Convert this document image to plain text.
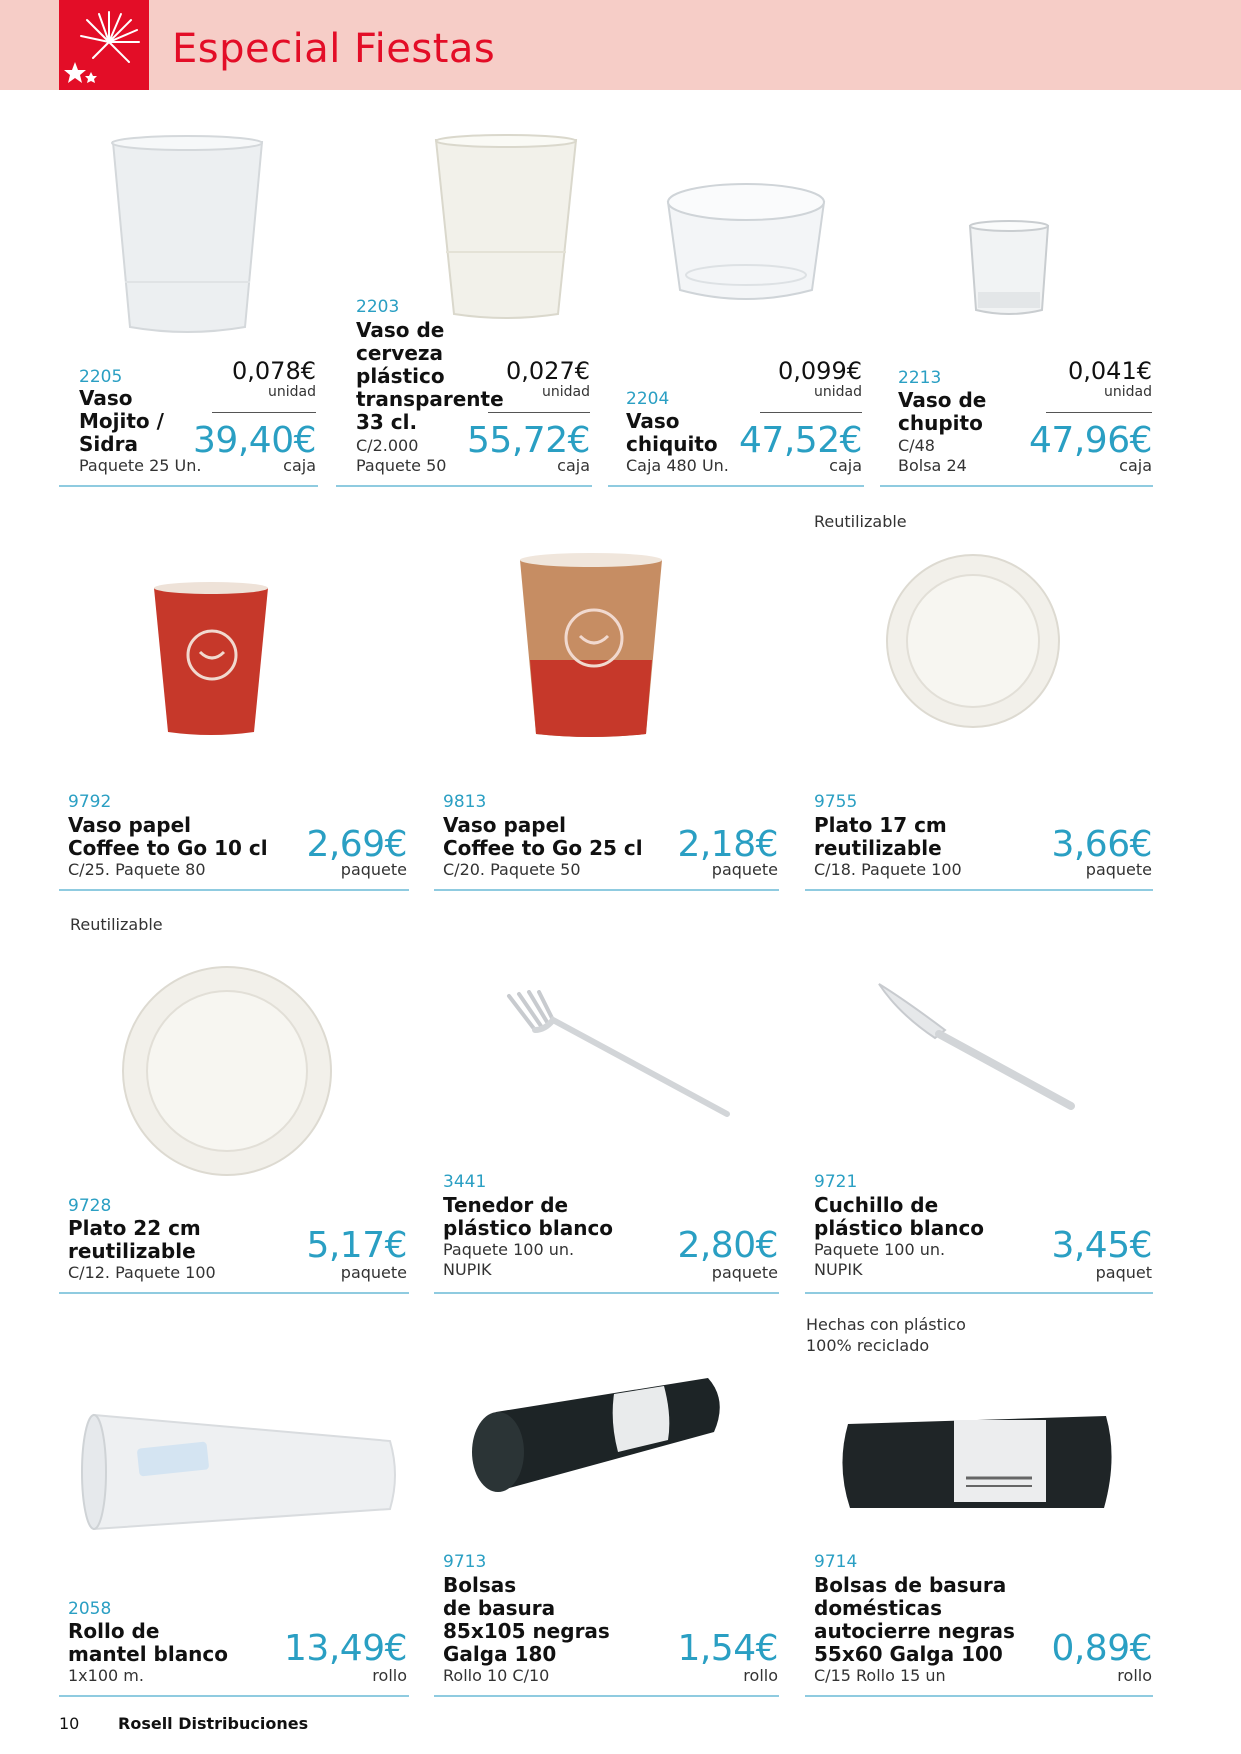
Especial Fiestas
2205
Vaso
Mojito /
Sidra
Paquete 25 Un.
0,078€
unidad
39,40€
caja
2203
Vaso de
cerveza
plástico
transparente
33 cl.
C/2.000
Paquete 50
0,027€
unidad
55,72€
caja
2204
Vaso
chiquito
Caja 480 Un.
0,099€
unidad
47,52€
caja
2213
Vaso de
chupito
C/48
Bolsa 24
0,041€
unidad
47,96€
caja
Reutilizable
9792
Vaso papel
Coffee to Go 10 cl
C/25. Paquete 80
2,69€
paquete
9813
Vaso papel
Coffee to Go 25 cl
C/20. Paquete 50
2,18€
paquete
9755
Plato 17 cm
reutilizable
C/18. Paquete 100
3,66€
paquete
Reutilizable
9728
Plato 22 cm
reutilizable
C/12. Paquete 100
5,17€
paquete
3441
Tenedor de
plástico blanco
Paquete 100 un.
NUPIK
2,80€
paquete
9721
Cuchillo de
plástico blanco
Paquete 100 un.
NUPIK
3,45€
paquet
Hechas con plástico
100% reciclado
2058
Rollo de
mantel blanco
1x100 m.
13,49€
rollo
9713
Bolsas
de basura
85x105 negras
Galga 180
Rollo 10 C/10
1,54€
rollo
9714
Bolsas de basura
domésticas
autocierre negras
55x60 Galga 100
C/15 Rollo 15 un
0,89€
rollo
10 Rosell Distribuciones
